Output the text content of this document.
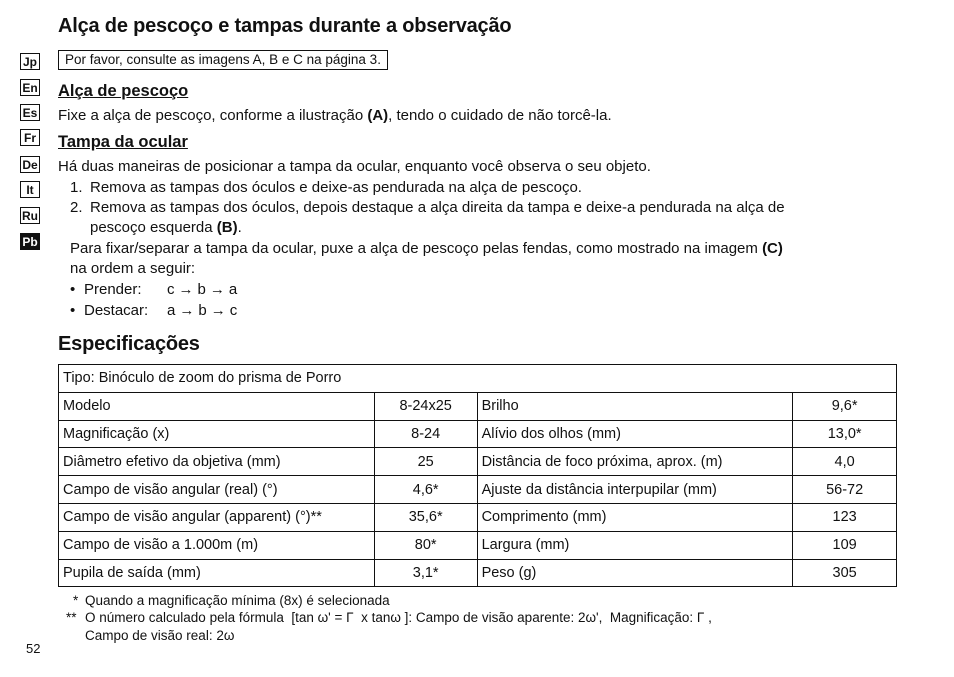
Alça de pescoço e tampas durante a observação
Por favor, consulte as imagens A, B e C na página 3.
Jp
En
Es
Fr
De
It
Ru
Pb
Alça de pescoço
Fixe a alça de pescoço, conforme a ilustração (A), tendo o cuidado de não torcê-la.
Tampa da ocular
Há duas maneiras de posicionar a tampa da ocular, enquanto você observa o seu objeto.
1. Remova as tampas dos óculos e deixe-as pendurada na alça de pescoço.
2. Remova as tampas dos óculos, depois destaque a alça direita da tampa e deixe-a pendurada na alça de
pescoço esquerda (B).
Para fixar/separar a tampa da ocular, puxe a alça de pescoço pelas fendas, como mostrado na imagem (C)
na ordem a seguir:
• Prender: c → b → a
• Destacar: a → b → c
Especificações
Tipo: Binóculo de zoom do prisma de Porro			
Modelo	8-24x25	Brilho	9,6*
Magnificação (x)	8-24	Alívio dos olhos (mm)	13,0*
Diâmetro efetivo da objetiva (mm)	25	Distância de foco próxima, aprox. (m)	4,0
Campo de visão angular (real) (°)	4,6*	Ajuste da distância interpupilar (mm)	56-72
Campo de visão angular (apparent) (°)**	35,6*	Comprimento (mm)	123
Campo de visão a 1.000m (m)	80*	Largura (mm)	109
Pupila de saída (mm)	3,1*	Peso (g)	305
* Quando a magnificação mínima (8x) é selecionada
** O número calculado pela fórmula  [tan ω' = Γ  x tanω ]: Campo de visão aparente: 2ω',  Magnificação: Γ ,
Campo de visão real: 2ω
52
